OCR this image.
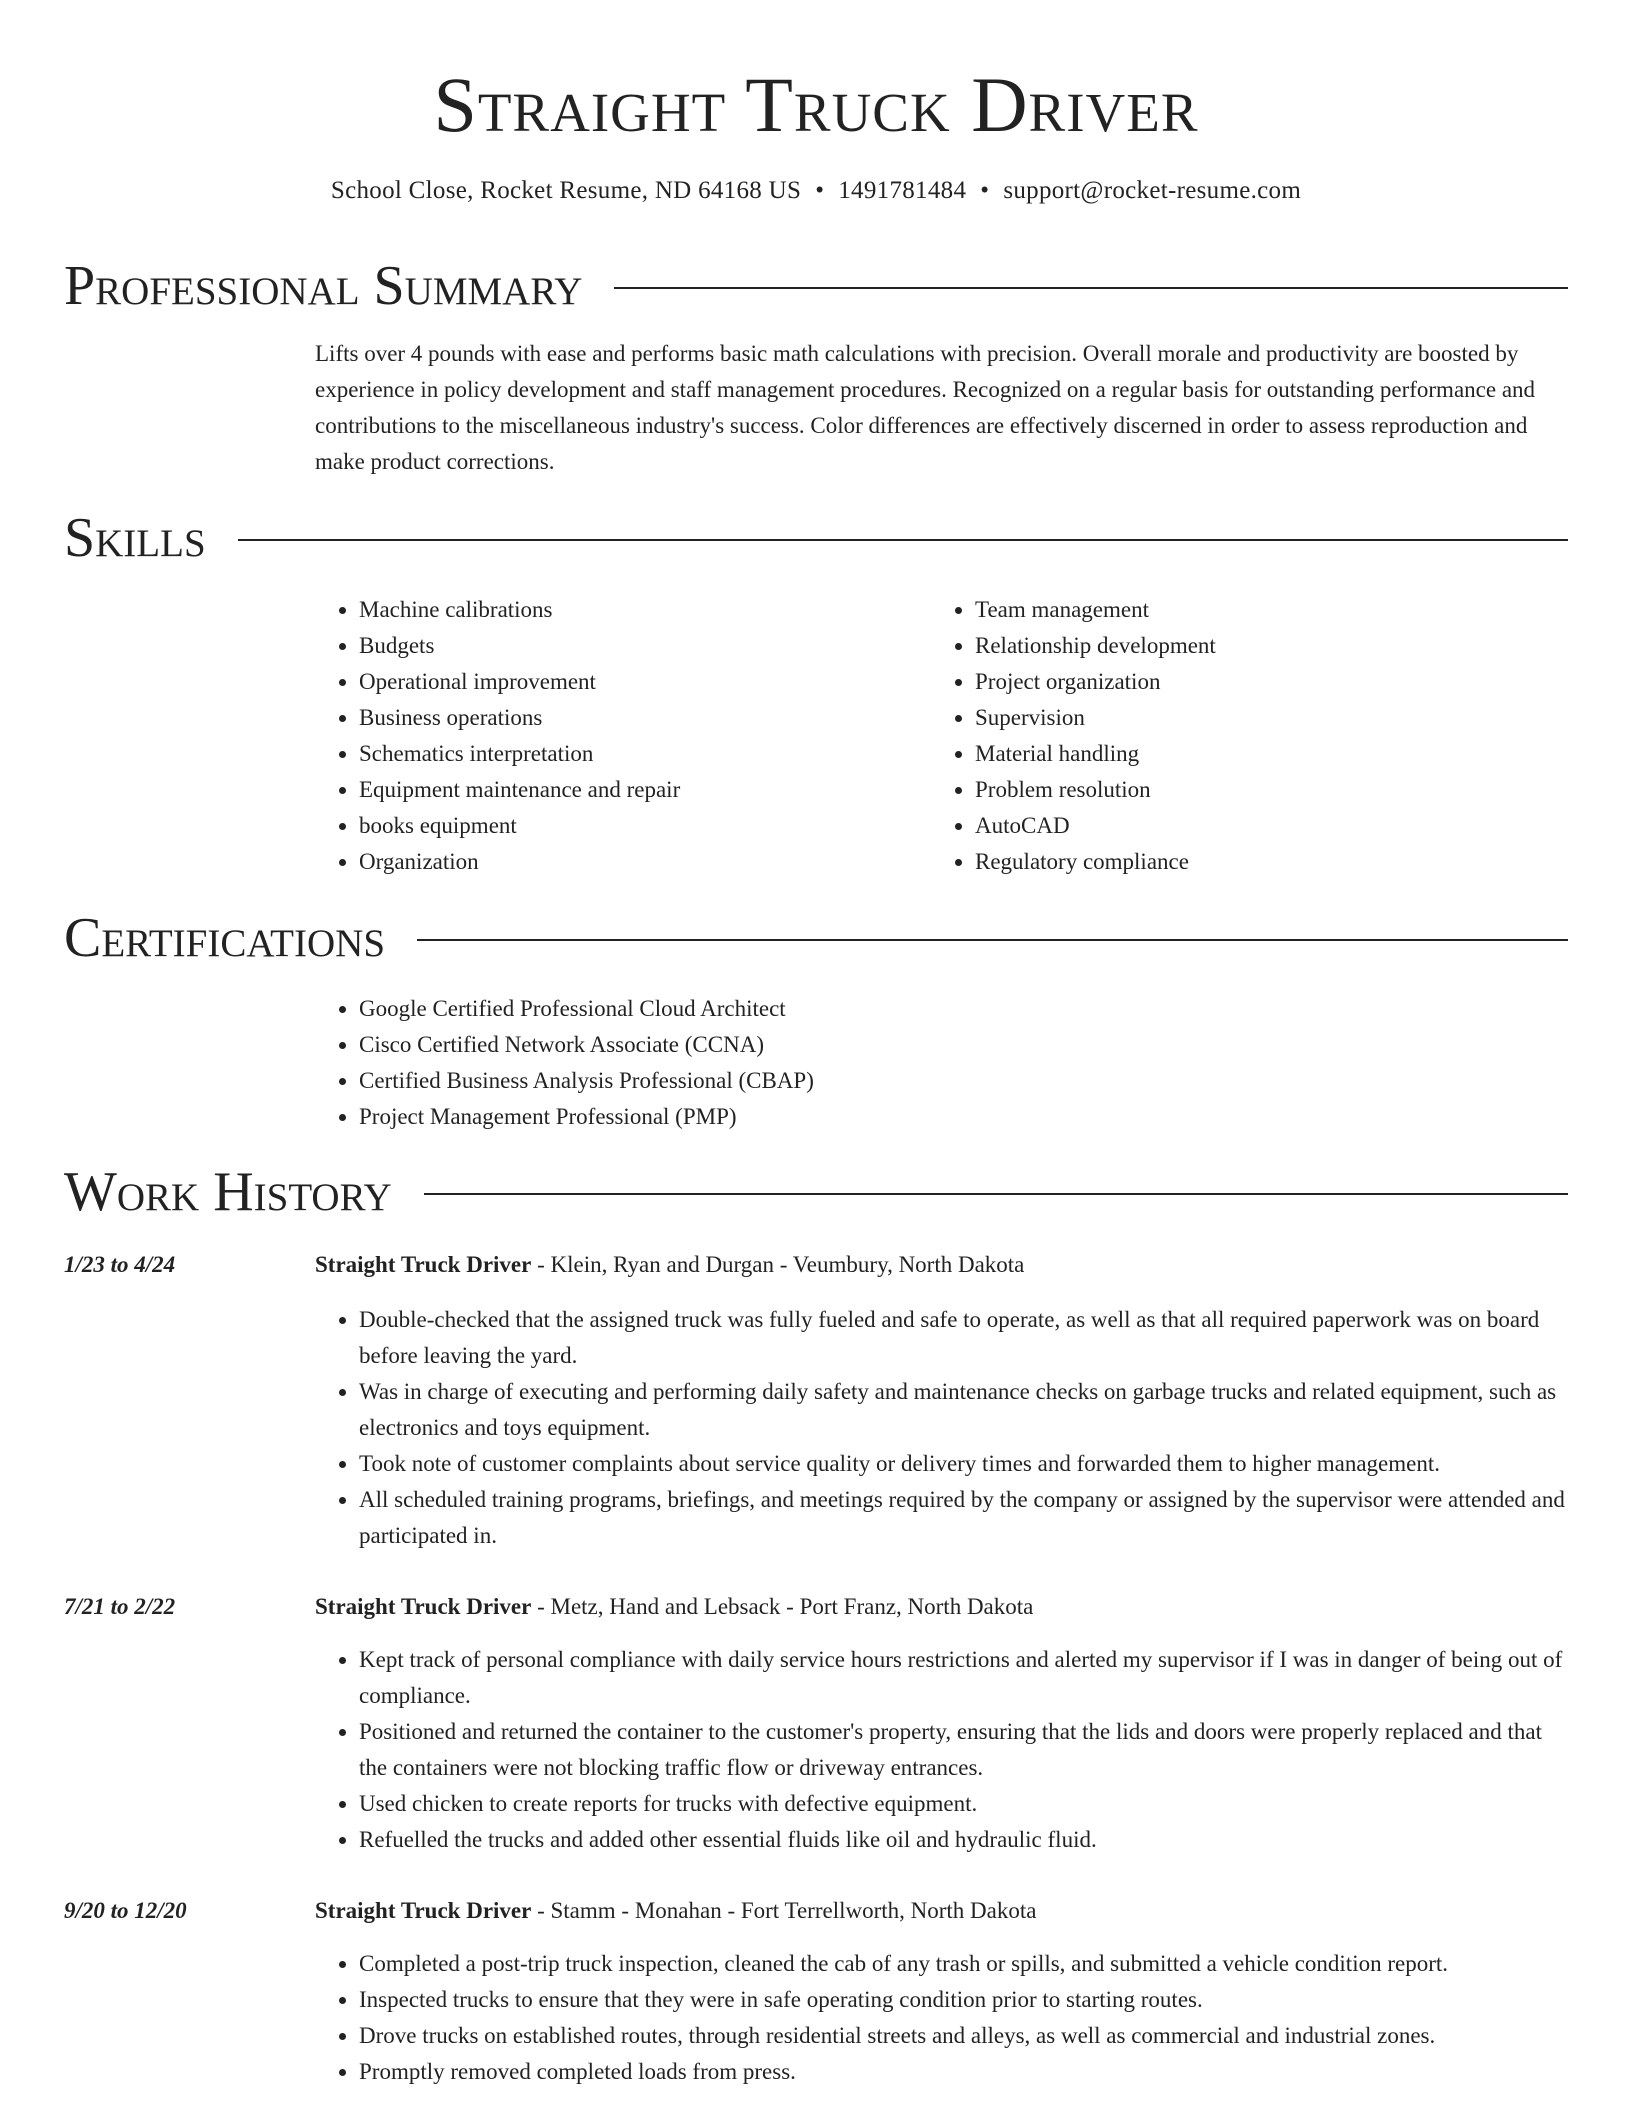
Straight Truck Driver
School Close, Rocket Resume, ND 64168 US • 1491781484 • support@rocket-resume.com
Professional Summary

Lifts over 4 pounds with ease and performs basic math calculations with precision. Overall morale and productivity are boosted by experience in policy development and staff management procedures. Recognized on a regular basis for outstanding performance and contributions to the miscellaneous industry's success. Color differences are effectively discerned in order to assess reproduction and make product corrections.

Skills
• Machine calibrations
• Budgets
• Operational improvement
• Business operations
• Schematics interpretation
• Equipment maintenance and repair
• books equipment
• Organization
• Team management
• Relationship development
• Project organization
• Supervision
• Material handling
• Problem resolution
• AutoCAD
• Regulatory compliance
Certifications
• Google Certified Professional Cloud Architect
• Cisco Certified Network Associate (CCNA)
• Certified Business Analysis Professional (CBAP)
• Project Management Professional (PMP)
Work History
1/23 to 4/24	Straight Truck Driver - Klein, Ryan and Durgan - Veumbury, North Dakota
• Double-checked that the assigned truck was fully fueled and safe to operate, as well as that all required paperwork was on board before leaving the yard.
• Was in charge of executing and performing daily safety and maintenance checks on garbage trucks and related equipment, such as electronics and toys equipment.
• Took note of customer complaints about service quality or delivery times and forwarded them to higher management.
• All scheduled training programs, briefings, and meetings required by the company or assigned by the supervisor were attended and participated in.
7/21 to 2/22	Straight Truck Driver - Metz, Hand and Lebsack - Port Franz, North Dakota
• Kept track of personal compliance with daily service hours restrictions and alerted my supervisor if I was in danger of being out of compliance.
• Positioned and returned the container to the customer's property, ensuring that the lids and doors were properly replaced and that the containers were not blocking traffic flow or driveway entrances.
• Used chicken to create reports for trucks with defective equipment.
• Refuelled the trucks and added other essential fluids like oil and hydraulic fluid.
9/20 to 12/20	Straight Truck Driver - Stamm - Monahan - Fort Terrellworth, North Dakota
• Completed a post-trip truck inspection, cleaned the cab of any trash or spills, and submitted a vehicle condition report.
• Inspected trucks to ensure that they were in safe operating condition prior to starting routes.
• Drove trucks on established routes, through residential streets and alleys, as well as commercial and industrial zones.
• Promptly removed completed loads from press.
